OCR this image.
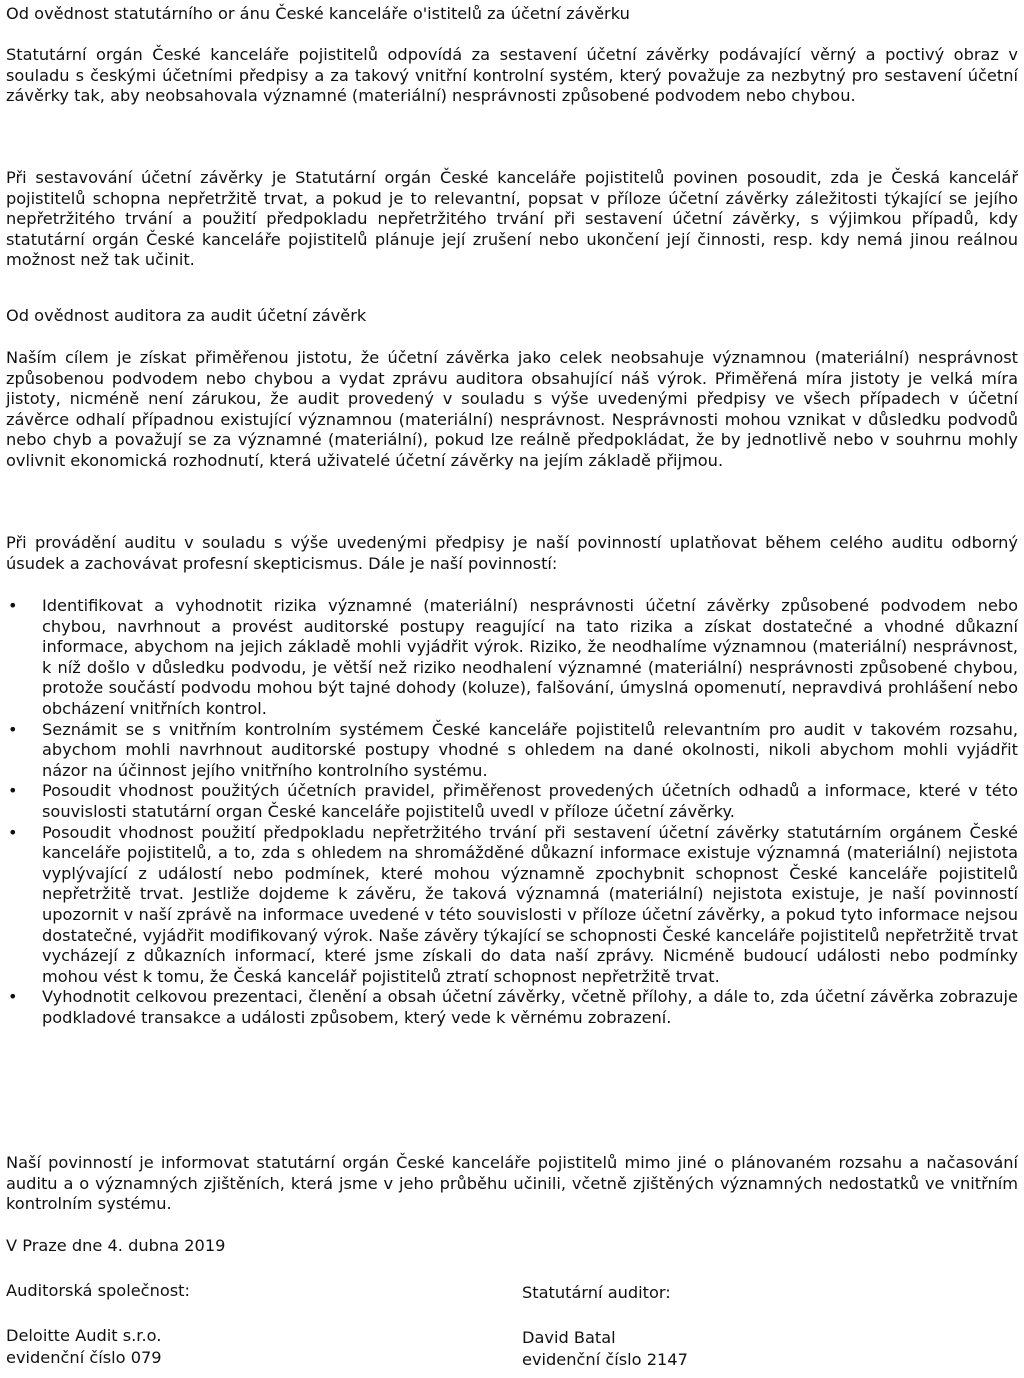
Od ovědnost statutárního or ánu České kanceláře o'istitelů za účetní závěrku

Statutární orgán České kanceláře pojistitelů odpovídá za sestavení účetní závěrky podávající věrný a poctivý obraz v souladu s českými účetními předpisy a za takový vnitřní kontrolní systém, který považuje za nezbytný pro sestavení účetní závěrky tak, aby neobsahovala významné (materiální) nesprávnosti způsobené podvodem nebo chybou.

Při sestavování účetní závěrky je Statutární orgán České kanceláře pojistitelů povinen posoudit, zda je Česká kancelář pojistitelů schopna nepřetržitě trvat, a pokud je to relevantní, popsat v příloze účetní závěrky záležitosti týkající se jejího nepřetržitého trvání a použití předpokladu nepřetržitého trvání při sestavení účetní závěrky, s výjimkou případů, kdy statutární orgán České kanceláře pojistitelů plánuje její zrušení nebo ukončení její činnosti, resp. kdy nemá jinou reálnou možnost než tak učinit.

Od ovědnost auditora za audit účetní závěrk

Naším cílem je získat přiměřenou jistotu, že účetní závěrka jako celek neobsahuje významnou (materiální) nesprávnost způsobenou podvodem nebo chybou a vydat zprávu auditora obsahující náš výrok. Přiměřená míra jistoty je velká míra jistoty, nicméně není zárukou, že audit provedený v souladu s výše uvedenými předpisy ve všech případech v účetní závěrce odhalí případnou existující významnou (materiální) nesprávnost. Nesprávnosti mohou vznikat v důsledku podvodů nebo chyb a považují se za významné (materiální), pokud lze reálně předpokládat, že by jednotlivě nebo v souhrnu mohly ovlivnit ekonomická rozhodnutí, která uživatelé účetní závěrky na jejím základě přijmou.

Při provádění auditu v souladu s výše uvedenými předpisy je naší povinností uplatňovat během celého auditu odborný úsudek a zachovávat profesní skepticismus. Dále je naší povinností:

• Identifikovat a vyhodnotit rizika významné (materiální) nesprávnosti účetní závěrky způsobené podvodem nebo chybou, navrhnout a provést auditorské postupy reagující na tato rizika a získat dostatečné a vhodné důkazní informace, abychom na jejich základě mohli vyjádřit výrok. Riziko, že neodhalíme významnou (materiální) nesprávnost, k níž došlo v důsledku podvodu, je větší než riziko neodhalení významné (materiální) nesprávnosti způsobené chybou, protože součástí podvodu mohou být tajné dohody (koluze), falšování, úmyslná opomenutí, nepravdivá prohlášení nebo obcházení vnitřních kontrol.
• Seznámit se s vnitřním kontrolním systémem České kanceláře pojistitelů relevantním pro audit v takovém rozsahu, abychom mohli navrhnout auditorské postupy vhodné s ohledem na dané okolnosti, nikoli abychom mohli vyjádřit názor na účinnost jejího vnitřního kontrolního systému.
• Posoudit vhodnost použitých účetních pravidel, přiměřenost provedených účetních odhadů a informace, které v této souvislosti statutární organ České kanceláře pojistitelů uvedl v příloze účetní závěrky.
• Posoudit vhodnost použití předpokladu nepřetržitého trvání při sestavení účetní závěrky statutárním orgánem České kanceláře pojistitelů, a to, zda s ohledem na shromážděné důkazní informace existuje významná (materiální) nejistota vyplývající z událostí nebo podmínek, které mohou významně zpochybnit schopnost České kanceláře pojistitelů nepřetržitě trvat. Jestliže dojdeme k závěru, že taková významná (materiální) nejistota existuje, je naší povinností upozornit v naší zprávě na informace uvedené v této souvislosti v příloze účetní závěrky, a pokud tyto informace nejsou dostatečné, vyjádřit modifikovaný výrok. Naše závěry týkající se schopnosti České kanceláře pojistitelů nepřetržitě trvat vycházejí z důkazních informací, které jsme získali do data naší zprávy. Nicméně budoucí události nebo podmínky mohou vést k tomu, že Česká kancelář pojistitelů ztratí schopnost nepřetržitě trvat.
• Vyhodnotit celkovou prezentaci, členění a obsah účetní závěrky, včetně přílohy, a dále to, zda účetní závěrka zobrazuje podkladové transakce a události způsobem, který vede k věrnému zobrazení.

Naší povinností je informovat statutární orgán České kanceláře pojistitelů mimo jiné o plánovaném rozsahu a načasování auditu a o významných zjištěních, která jsme v jeho průběhu učinili, včetně zjištěných významných nedostatků ve vnitřním kontrolním systému.

V Praze dne 4. dubna 2019
Auditorská společnost:
Deloitte Audit s.r.o.
evidenční číslo 079
Statutární auditor:
David Batal
evidenční číslo 2147
